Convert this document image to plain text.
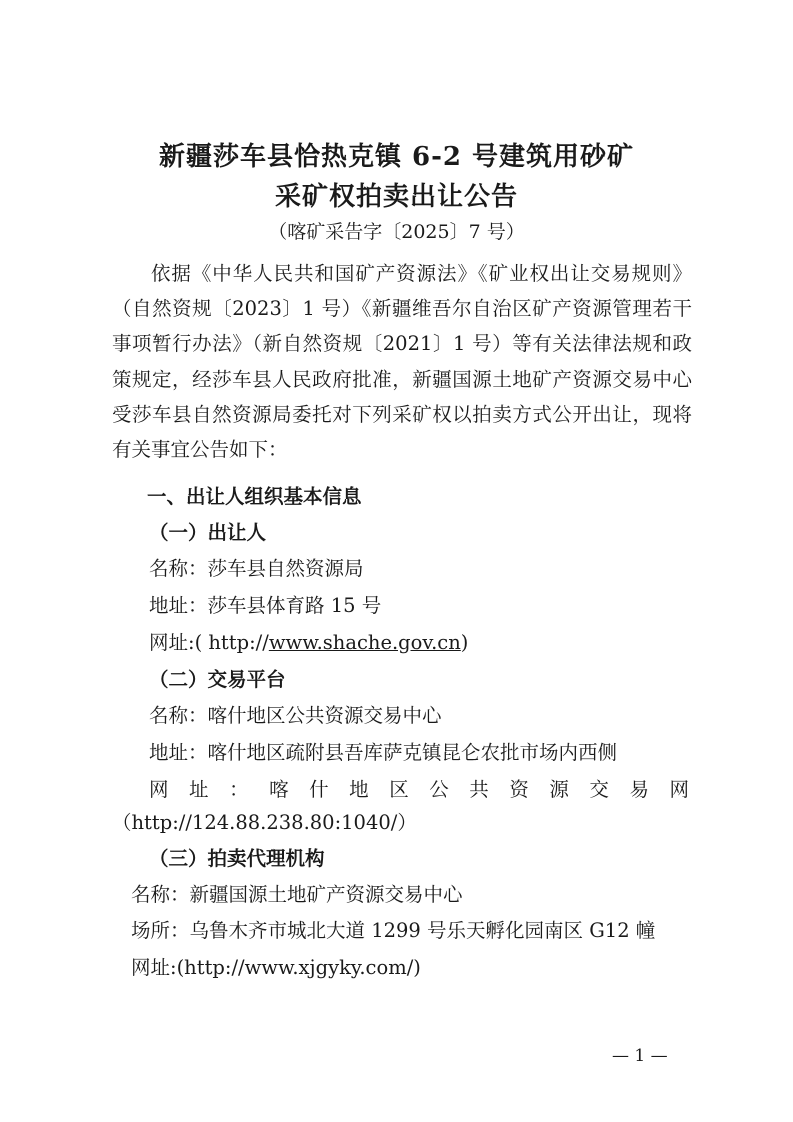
新疆莎车县恰热克镇 6-2 号建筑用砂矿
采矿权拍卖出让公告
（喀矿采告字〔2025〕7 号）

依据《中华人民共和国矿产资源法》《矿业权出让交易规则》（自然资规〔2023〕1 号）《新疆维吾尔自治区矿产资源管理若干事项暂行办法》（新自然资规〔2021〕1 号）等有关法律法规和政策规定，经莎车县人民政府批准，新疆国源土地矿产资源交易中心受莎车县自然资源局委托对下列采矿权以拍卖方式公开出让，现将有关事宜公告如下：

一、出让人组织基本信息
（一）出让人
名称：莎车县自然资源局
地址：莎车县体育路 15 号
网址:( http://www.shache.gov.cn)
（二）交易平台
名称：喀什地区公共资源交易中心
地址：喀什地区疏附县吾库萨克镇昆仑农批市场内西侧
网址：喀什地区公共资源交易网
（http://124.88.238.80:1040/）
（三）拍卖代理机构
名称：新疆国源土地矿产资源交易中心
场所：乌鲁木齐市城北大道 1299 号乐天孵化园南区 G12 幢
网址:(http://www.xjgyky.com/)
— 1 —
